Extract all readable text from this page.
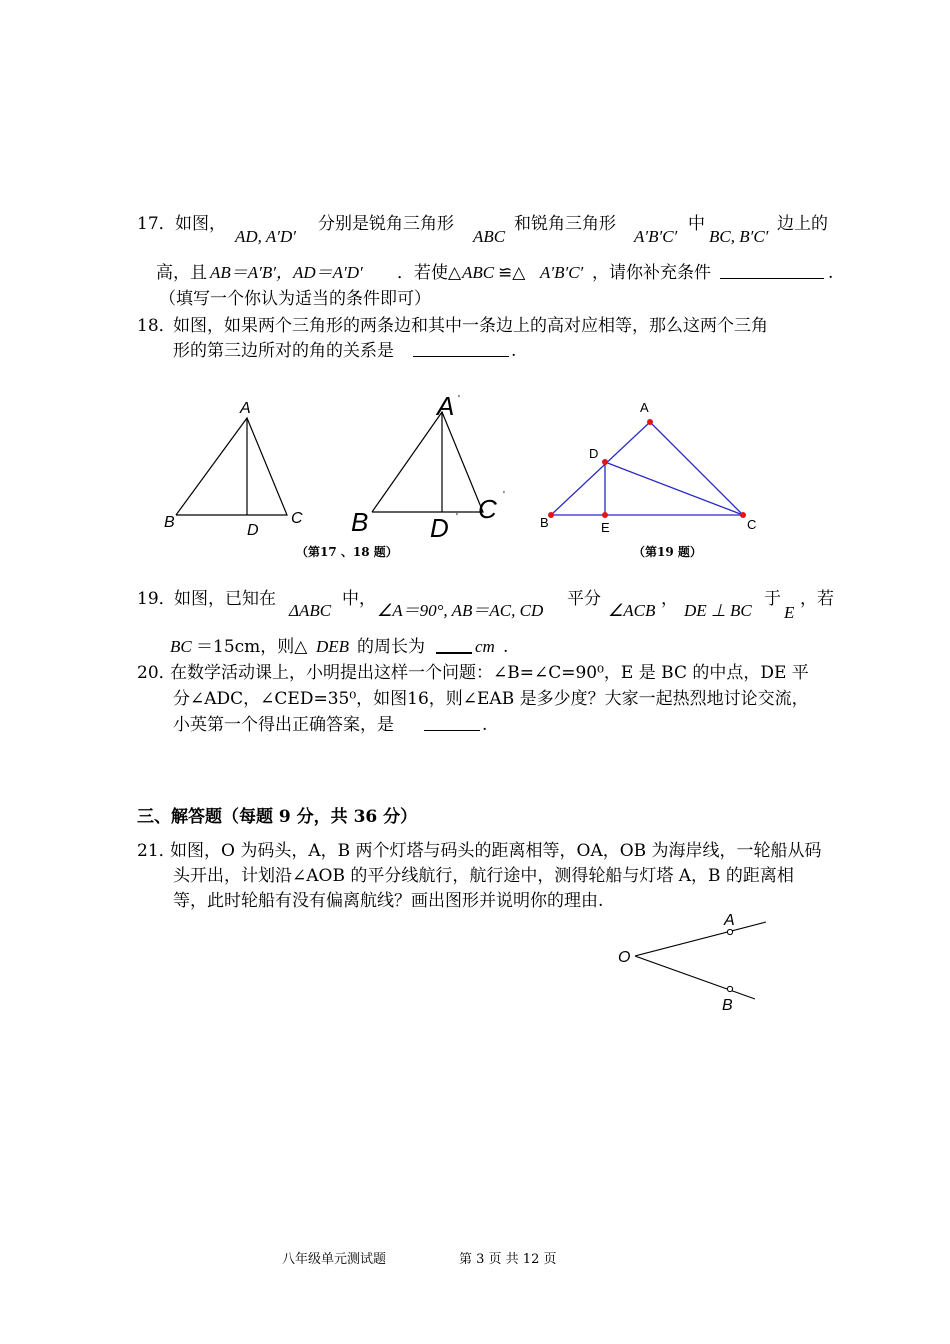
17． 如图，
AD, A′D′
分别是锐角三角形
ABC
和锐角三角形
A′B′C′
中
BC, B′C′
边上的
高，且 AB＝A′B′，AD＝A′D′ ．若使△ ABC ≌△ A′B′C′ ，请你补充条件	.
（填写一个你认为适当的条件即可）
18．
如图，如果两个三角形的两条边和其中一条边上的高对应相等，那么这两个三角
形的第三边所对的角的关系是	.
A
B	C
D
A '
B	C '
D '
A
D
B	E	C
（第17 、18 题）	（第19 题）
19．
如图，已知在
ΔABC
中，
∠A＝90°, AB＝AC, CD
平分
∠ACB
，
DE ⊥ BC
于
E
，若
BC ＝15cm，则△ DEB 的周长为	cm .
20．
在数学活动课上，小明提出这样一个问题：∠B=∠C=90⁰，E 是 BC 的中点，DE 平
分∠ADC，∠CED=35⁰，如图16，则∠EAB 是多少度？大家一起热烈地讨论交流，
小英第一个得出正确答案，是	.
三、解答题（每题 9 分，共 36 分）
21．
如图，O 为码头，A，B 两个灯塔与码头的距离相等，OA，OB 为海岸线，一轮船从码
头开出，计划沿∠AOB 的平分线航行，航行途中，测得轮船与灯塔 A，B 的距离相
等，此时轮船有没有偏离航线？画出图形并说明你的理由.
O
A
B
八年级单元测试题	第 3 页 共 12 页
